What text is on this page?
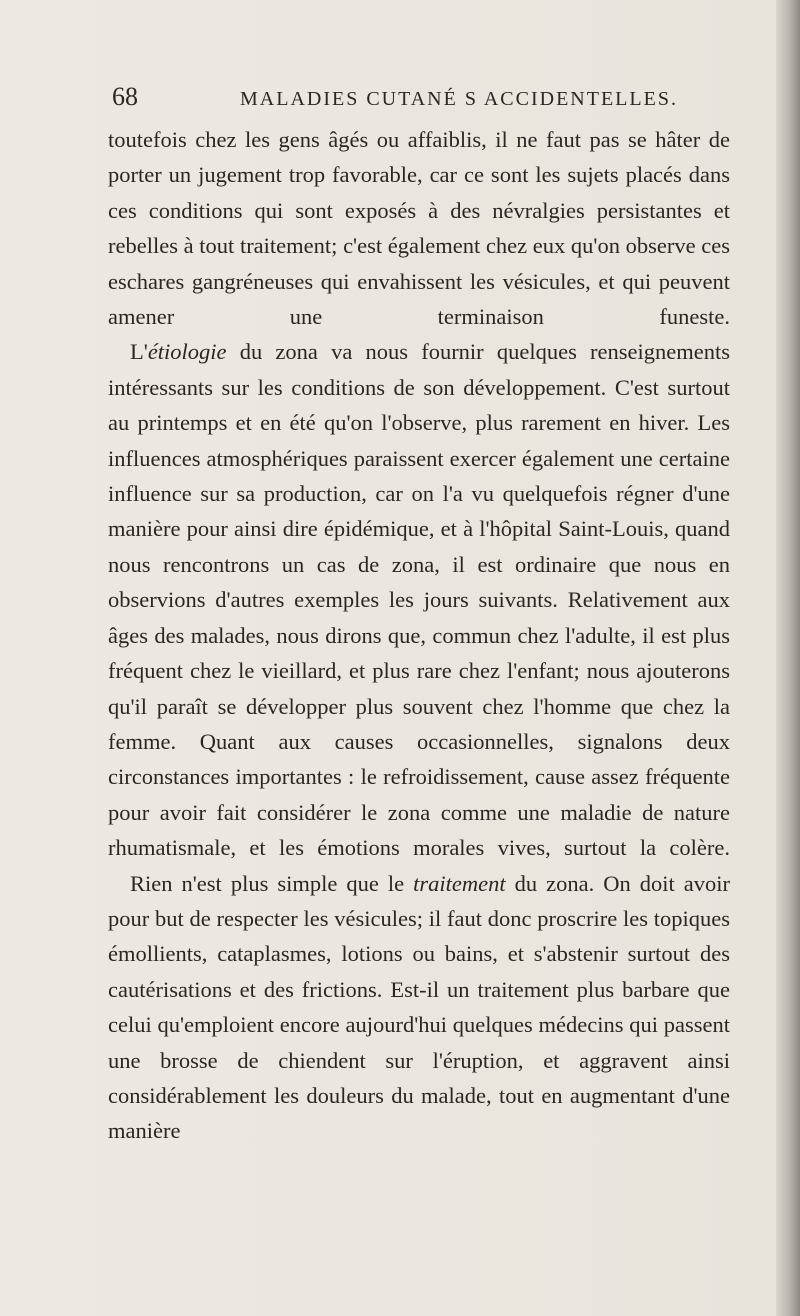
68	MALADIES CUTANÉ S ACCIDENTELLES.

toutefois chez les gens âgés ou affaiblis, il ne faut pas se hâter de porter un jugement trop favorable, car ce sont les sujets placés dans ces conditions qui sont exposés à des névralgies persistantes et rebelles à tout traitement; c'est également chez eux qu'on observe ces eschares gangréneuses qui envahissent les vésicules, et qui peuvent amener une terminaison funeste.

L'étiologie du zona va nous fournir quelques renseignements intéressants sur les conditions de son développement. C'est surtout au printemps et en été qu'on l'observe, plus rarement en hiver. Les influences atmosphériques paraissent exercer également une certaine influence sur sa production, car on l'a vu quelquefois régner d'une manière pour ainsi dire épidémique, et à l'hôpital Saint-Louis, quand nous rencontrons un cas de zona, il est ordinaire que nous en observions d'autres exemples les jours suivants. Relativement aux âges des malades, nous dirons que, commun chez l'adulte, il est plus fréquent chez le vieillard, et plus rare chez l'enfant; nous ajouterons qu'il paraît se développer plus souvent chez l'homme que chez la femme. Quant aux causes occasionnelles, signalons deux circonstances importantes : le refroidissement, cause assez fréquente pour avoir fait considérer le zona comme une maladie de nature rhumatismale, et les émotions morales vives, surtout la colère.

Rien n'est plus simple que le traitement du zona. On doit avoir pour but de respecter les vésicules; il faut donc proscrire les topiques émollients, cataplasmes, lotions ou bains, et s'abstenir surtout des cautérisations et des frictions. Est-il un traitement plus barbare que celui qu'emploient encore aujourd'hui quelques médecins qui passent une brosse de chiendent sur l'éruption, et aggravent ainsi considérablement les douleurs du malade, tout en augmentant d'une manière
